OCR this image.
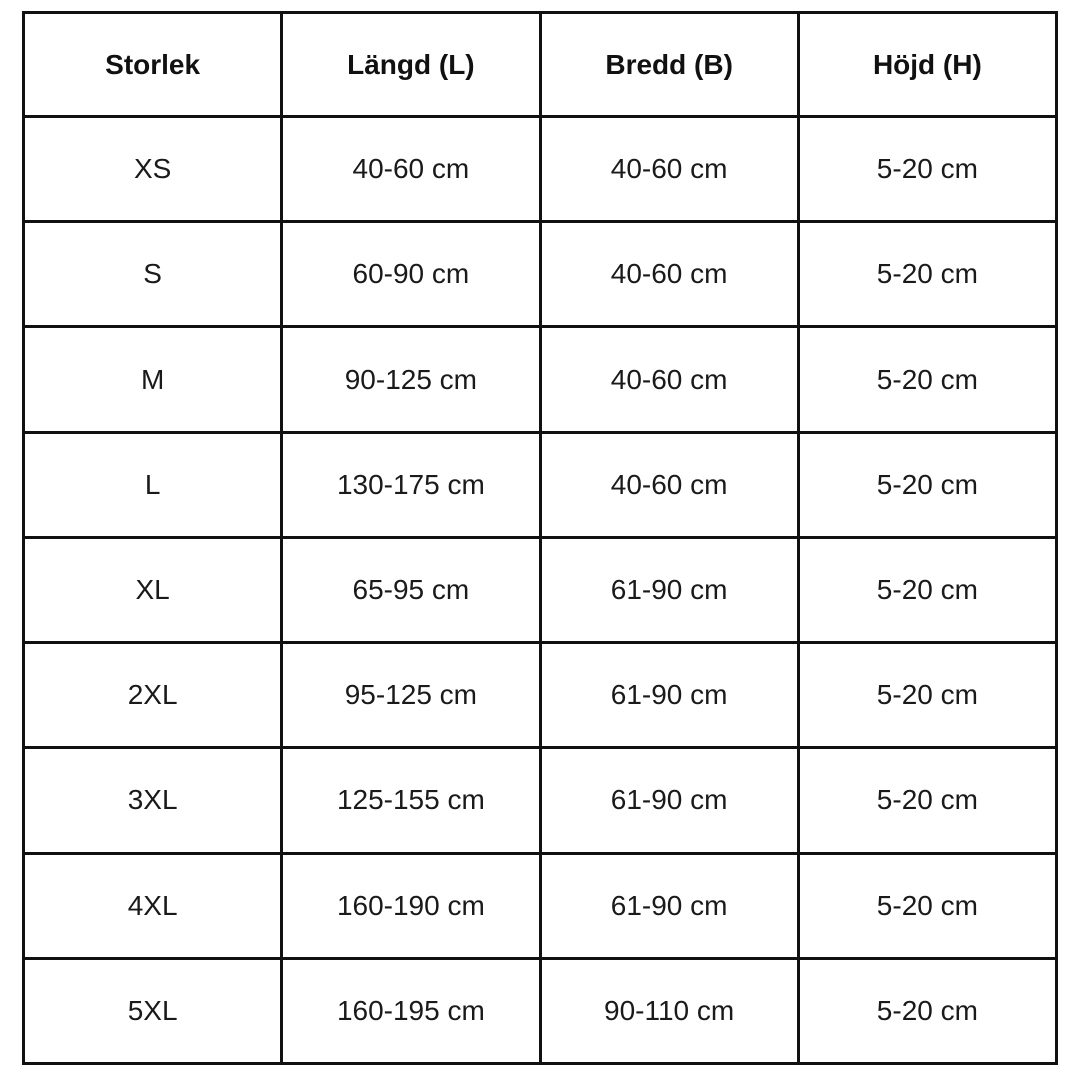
Storlek	Längd (L)	Bredd (B)	Höjd (H)
XS	40-60 cm	40-60 cm	5-20 cm
S	60-90 cm	40-60 cm	5-20 cm
M	90-125 cm	40-60 cm	5-20 cm
L	130-175 cm	40-60 cm	5-20 cm
XL	65-95 cm	61-90 cm	5-20 cm
2XL	95-125 cm	61-90 cm	5-20 cm
3XL	125-155 cm	61-90 cm	5-20 cm
4XL	160-190 cm	61-90 cm	5-20 cm
5XL	160-195 cm	90-110 cm	5-20 cm
